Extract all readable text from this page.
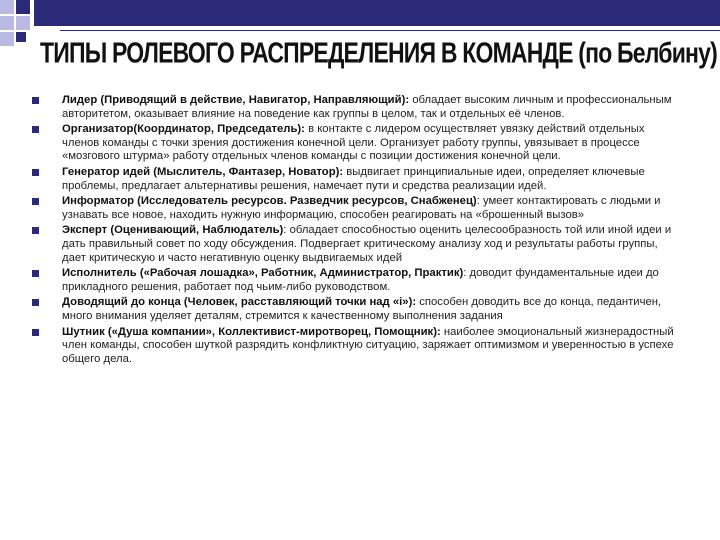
ТИПЫ РОЛЕВОГО РАСПРЕДЕЛЕНИЯ В КОМАНДЕ (по Белбину)
Лидер (Приводящий в действие, Навигатор, Направляющий): обладает высоким личным и профессиональным авторитетом, оказывает влияние на поведение как группы в целом, так и отдельных её членов.
Организатор(Координатор, Председатель): в контакте с лидером осуществляет увязку действий отдельных членов команды с точки зрения достижения конечной цели. Организует работу группы, увязывает в процессе «мозгового штурма» работу отдельных членов команды с позиции достижения конечной цели.
Генератор идей (Мыслитель, Фантазер, Новатор): выдвигает принципиальные идеи, определяет ключевые проблемы, предлагает альтернативы решения, намечает пути и средства реализации идей.
Информатор (Исследователь ресурсов. Разведчик ресурсов, Снабженец): умеет контактировать с людьми и узнавать все новое, находить нужную информацию, способен реагировать на «брошенный вызов»
Эксперт (Оценивающий, Наблюдатель): обладает способностью оценить целесообразность той или иной идеи и дать правильный совет по ходу обсуждения. Подвергает критическому анализу ход и результаты работы группы, дает критическую и часто негативную оценку выдвигаемых идей
Исполнитель («Рабочая лошадка», Работник, Администратор, Практик): доводит фундаментальные идеи до прикладного решения, работает под чьим-либо руководством.
Доводящий до конца (Человек, расставляющий точки над «i»): способен доводить все до конца, педантичен, много внимания уделяет деталям, стремится к качественному выполнения задания
Шутник («Душа компании», Коллективист-миротворец, Помощник): наиболее эмоциональный жизнерадостный член команды, способен шуткой разрядить конфликтную ситуацию, заряжает оптимизмом и уверенностью в успехе общего дела.
